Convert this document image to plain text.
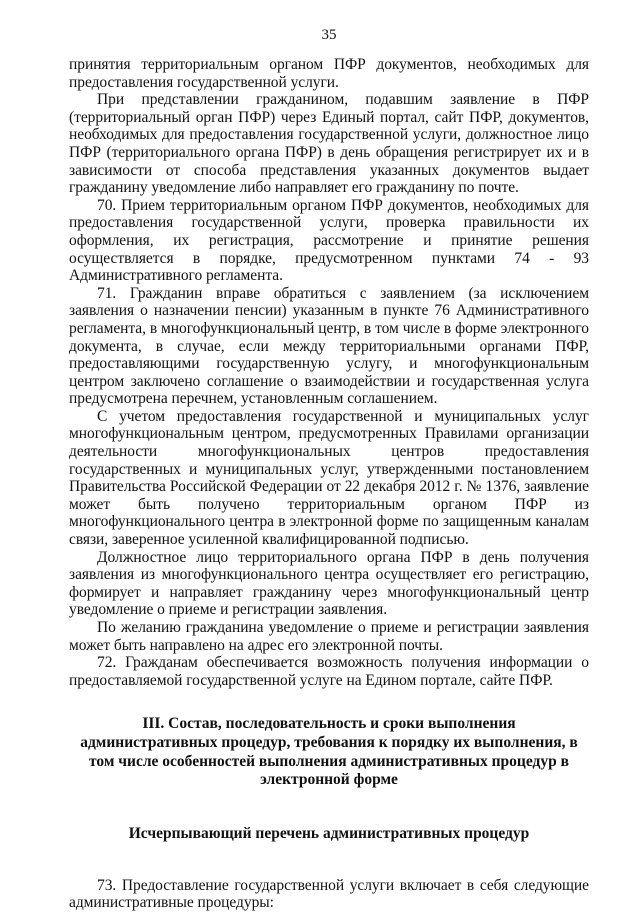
35

принятия территориальным органом ПФР документов, необходимых для предоставления государственной услуги.

При представлении гражданином, подавшим заявление в ПФР (территориальный орган ПФР) через Единый портал, сайт ПФР, документов, необходимых для предоставления государственной услуги, должностное лицо ПФР (территориального органа ПФР) в день обращения регистрирует их и в зависимости от способа представления указанных документов выдает гражданину уведомление либо направляет его гражданину по почте.

70. Прием территориальным органом ПФР документов, необходимых для предоставления государственной услуги, проверка правильности их оформления, их регистрация, рассмотрение и принятие решения осуществляется в порядке, предусмотренном пунктами 74 - 93 Административного регламента.

71. Гражданин вправе обратиться с заявлением (за исключением заявления о назначении пенсии) указанным в пункте 76 Административного регламента, в многофункциональный центр, в том числе в форме электронного документа, в случае, если между территориальными органами ПФР, предоставляющими государственную услугу, и многофункциональным центром заключено соглашение о взаимодействии и государственная услуга предусмотрена перечнем, установленным соглашением.

С учетом предоставления государственной и муниципальных услуг многофункциональным центром, предусмотренных Правилами организации деятельности многофункциональных центров предоставления государственных и муниципальных услуг, утвержденными постановлением Правительства Российской Федерации от 22 декабря 2012 г. № 1376, заявление может быть получено территориальным органом ПФР из многофункционального центра в электронной форме по защищенным каналам связи, заверенное усиленной квалифицированной подписью.

Должностное лицо территориального органа ПФР в день получения заявления из многофункционального центра осуществляет его регистрацию, формирует и направляет гражданину через многофункциональный центр уведомление о приеме и регистрации заявления.

По желанию гражданина уведомление о приеме и регистрации заявления может быть направлено на адрес его электронной почты.

72. Гражданам обеспечивается возможность получения информации о предоставляемой государственной услуге на Едином портале, сайте ПФР.

III. Состав, последовательность и сроки выполнения административных процедур, требования к порядку их выполнения, в том числе особенностей выполнения административных процедур в электронной форме
Исчерпывающий перечень административных процедур

73. Предоставление государственной услуги включает в себя следующие административные процедуры:
